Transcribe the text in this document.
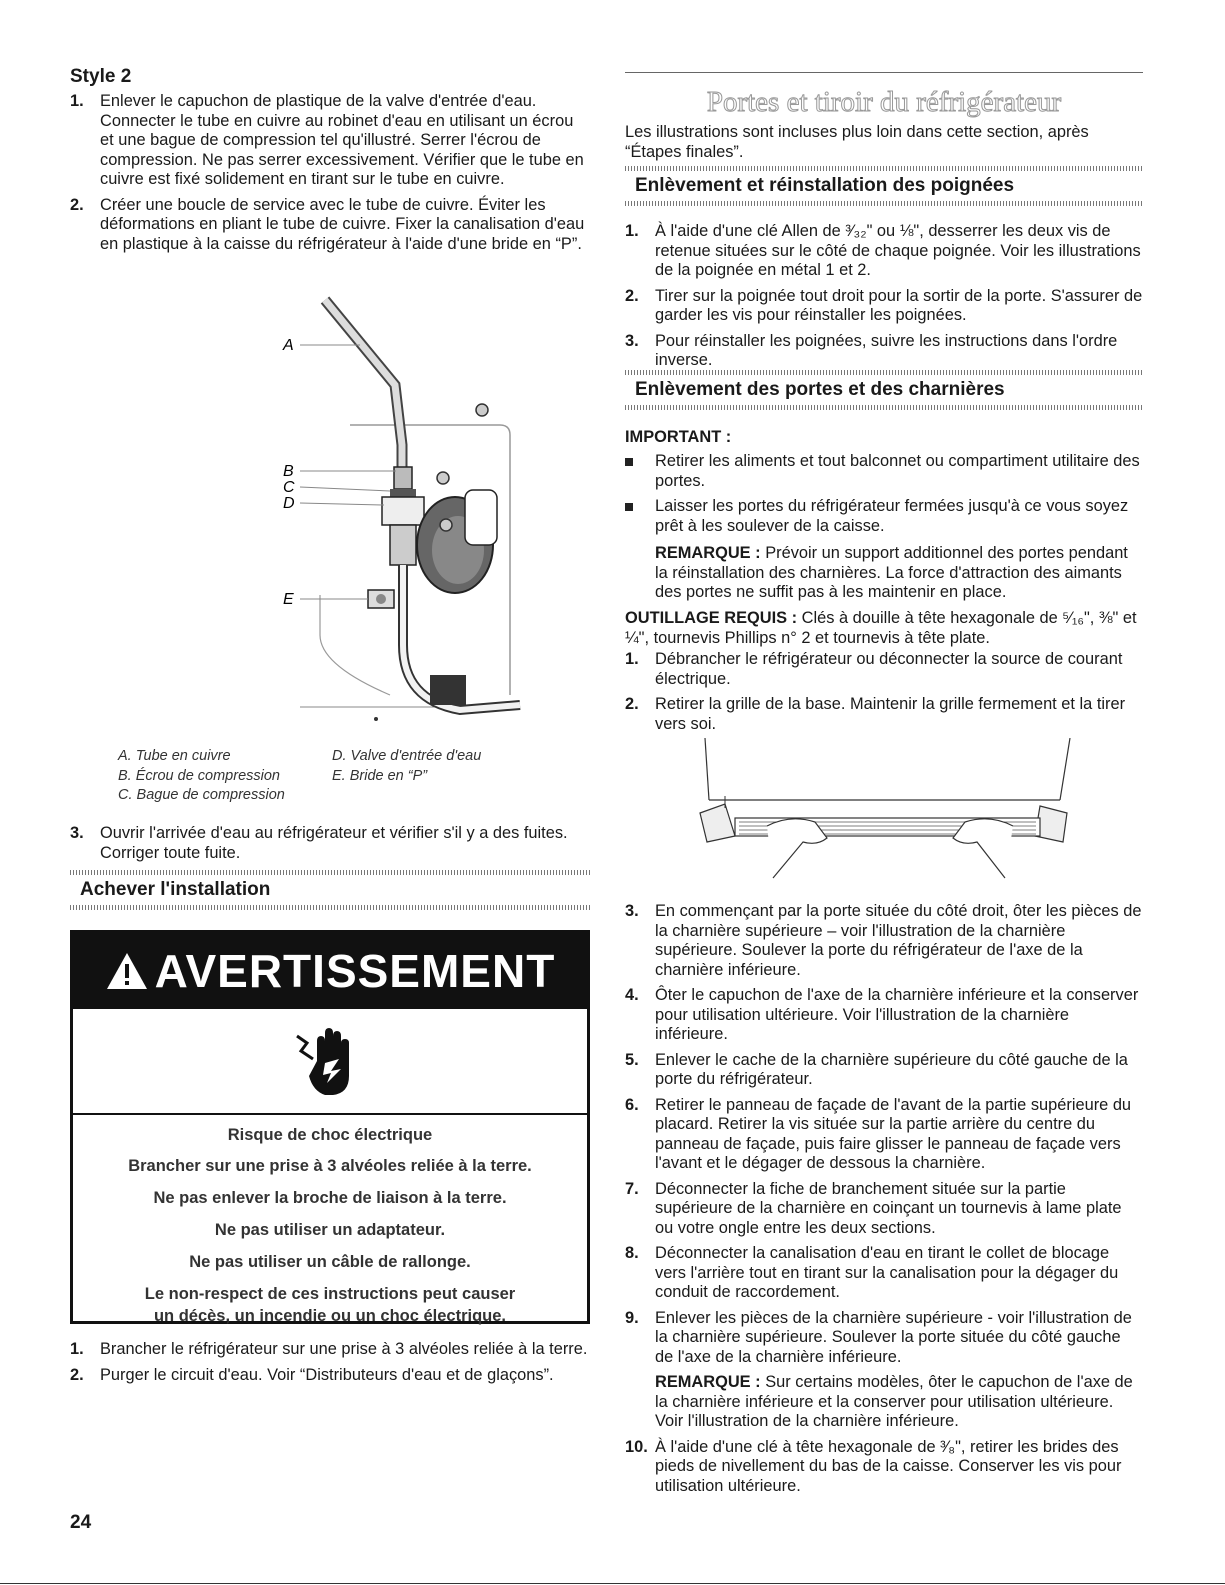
Style 2
1. Enlever le capuchon de plastique de la valve d'entrée d'eau. Connecter le tube en cuivre au robinet d'eau en utilisant un écrou et une bague de compression tel qu'illustré. Serrer l'écrou de compression. Ne pas serrer excessivement. Vérifier que le tube en cuivre est fixé solidement en tirant sur le tube en cuivre.
2. Créer une boucle de service avec le tube de cuivre. Éviter les déformations en pliant le tube de cuivre. Fixer la canalisation d'eau en plastique à la caisse du réfrigérateur à l'aide d'une bride en “P”.
A
B
C
D
E
A. Tube en cuivre
B. Écrou de compression
C. Bague de compression
D. Valve d'entrée d'eau
E. Bride en “P”
3. Ouvrir l'arrivée d'eau au réfrigérateur et vérifier s'il y a des fuites. Corriger toute fuite.
Achever l'installation
AVERTISSEMENT
Risque de choc électrique
Brancher sur une prise à 3 alvéoles reliée à la terre.
Ne pas enlever la broche de liaison à la terre.
Ne pas utiliser un adaptateur.
Ne pas utiliser un câble de rallonge.
Le non-respect de ces instructions peut causer
un décès, un incendie ou un choc électrique.
1. Brancher le réfrigérateur sur une prise à 3 alvéoles reliée à la terre.
2. Purger le circuit d'eau. Voir “Distributeurs d'eau et de glaçons”.
24
Portes et tiroir du réfrigérateur
Les illustrations sont incluses plus loin dans cette section, après “Étapes finales”.
Enlèvement et réinstallation des poignées
1. À l'aide d'une clé Allen de ³⁄₃₂" ou ⅛", desserrer les deux vis de retenue situées sur le côté de chaque poignée. Voir les illustrations de la poignée en métal 1 et 2.
2. Tirer sur la poignée tout droit pour la sortir de la porte. S'assurer de garder les vis pour réinstaller les poignées.
3. Pour réinstaller les poignées, suivre les instructions dans l'ordre inverse.
Enlèvement des portes et des charnières
IMPORTANT :
Retirer les aliments et tout balconnet ou compartiment utilitaire des portes.
Laisser les portes du réfrigérateur fermées jusqu'à ce vous soyez prêt à les soulever de la caisse.
REMARQUE : Prévoir un support additionnel des portes pendant la réinstallation des charnières. La force d'attraction des aimants des portes ne suffit pas à les maintenir en place.
OUTILLAGE REQUIS : Clés à douille à tête hexagonale de ⁵⁄₁₆", ⅜" et ¼", tournevis Phillips n° 2 et tournevis à tête plate.
1. Débrancher le réfrigérateur ou déconnecter la source de courant électrique.
2. Retirer la grille de la base. Maintenir la grille fermement et la tirer vers soi.
3. En commençant par la porte située du côté droit, ôter les pièces de la charnière supérieure – voir l'illustration de la charnière supérieure. Soulever la porte du réfrigérateur de l'axe de la charnière inférieure.
4. Ôter le capuchon de l'axe de la charnière inférieure et la conserver pour utilisation ultérieure. Voir l'illustration de la charnière inférieure.
5. Enlever le cache de la charnière supérieure du côté gauche de la porte du réfrigérateur.
6. Retirer le panneau de façade de l'avant de la partie supérieure du placard. Retirer la vis située sur la partie arrière du centre du panneau de façade, puis faire glisser le panneau de façade vers l'avant et le dégager de dessous la charnière.
7. Déconnecter la fiche de branchement située sur la partie supérieure de la charnière en coinçant un tournevis à lame plate ou votre ongle entre les deux sections.
8. Déconnecter la canalisation d'eau en tirant le collet de blocage vers l'arrière tout en tirant sur la canalisation pour la dégager du conduit de raccordement.
9. Enlever les pièces de la charnière supérieure - voir l'illustration de la charnière supérieure. Soulever la porte située du côté gauche de l'axe de la charnière inférieure.
REMARQUE : Sur certains modèles, ôter le capuchon de l'axe de la charnière inférieure et la conserver pour utilisation ultérieure. Voir l'illustration de la charnière inférieure.
10. À l'aide d'une clé à tête hexagonale de ³⁄₈", retirer les brides des pieds de nivellement du bas de la caisse. Conserver les vis pour utilisation ultérieure.
